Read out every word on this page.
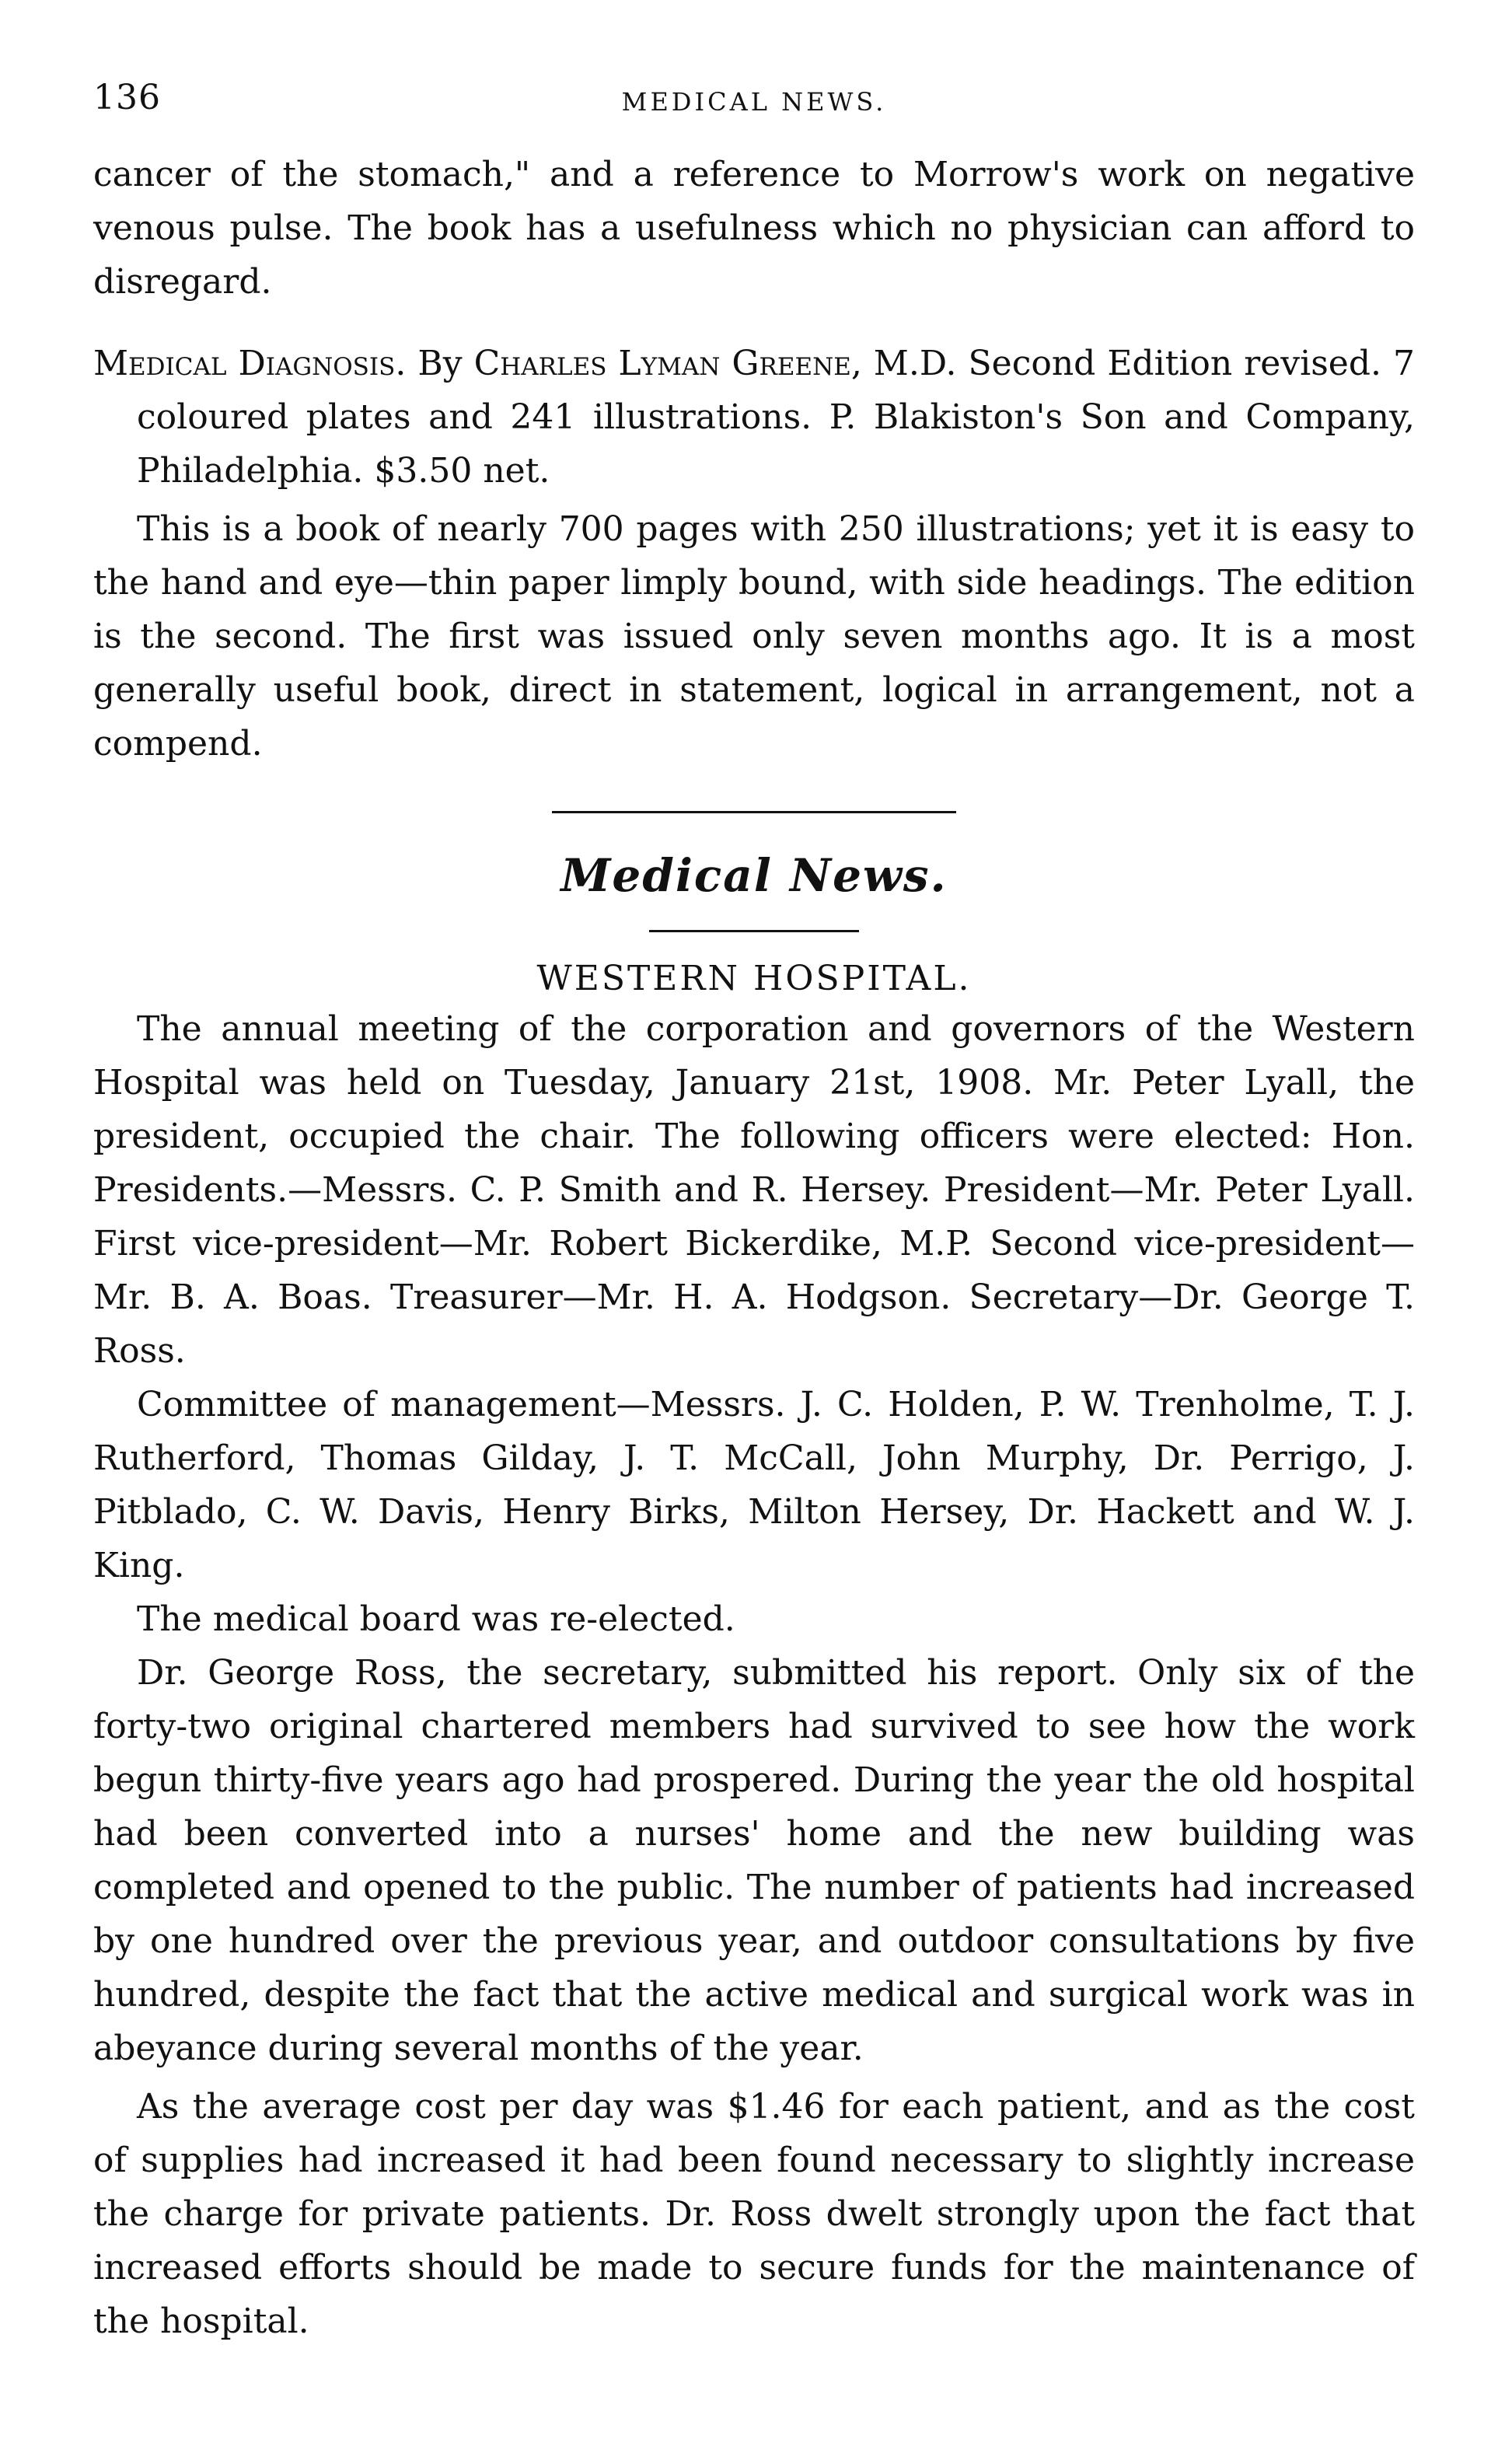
136	MEDICAL NEWS.

cancer of the stomach," and a reference to Morrow's work on negative venous pulse. The book has a usefulness which no physician can afford to disregard.

Medical Diagnosis. By Charles Lyman Greene, M.D. Second Edition revised. 7 coloured plates and 241 illustrations. P. Blakiston's Son and Company, Philadelphia. $3.50 net.

This is a book of nearly 700 pages with 250 illustrations; yet it is easy to the hand and eye—thin paper limply bound, with side headings. The edition is the second. The first was issued only seven months ago. It is a most generally useful book, direct in statement, logical in arrangement, not a compend.

Medical News.
WESTERN HOSPITAL.

The annual meeting of the corporation and governors of the Western Hospital was held on Tuesday, January 21st, 1908. Mr. Peter Lyall, the president, occupied the chair. The following officers were elected: Hon. Presidents.—Messrs. C. P. Smith and R. Hersey. President—Mr. Peter Lyall. First vice-president—Mr. Robert Bickerdike, M.P. Second vice-president—Mr. B. A. Boas. Treasurer—Mr. H. A. Hodgson. Secretary—Dr. George T. Ross.

Committee of management—Messrs. J. C. Holden, P. W. Trenholme, T. J. Rutherford, Thomas Gilday, J. T. McCall, John Murphy, Dr. Perrigo, J. Pitblado, C. W. Davis, Henry Birks, Milton Hersey, Dr. Hackett and W. J. King.

The medical board was re-elected.

Dr. George Ross, the secretary, submitted his report. Only six of the forty-two original chartered members had survived to see how the work begun thirty-five years ago had prospered. During the year the old hospital had been converted into a nurses' home and the new building was completed and opened to the public. The number of patients had increased by one hundred over the previous year, and outdoor consultations by five hundred, despite the fact that the active medical and surgical work was in abeyance during several months of the year.

As the average cost per day was $1.46 for each patient, and as the cost of supplies had increased it had been found necessary to slightly increase the charge for private patients. Dr. Ross dwelt strongly upon the fact that increased efforts should be made to secure funds for the maintenance of the hospital.
